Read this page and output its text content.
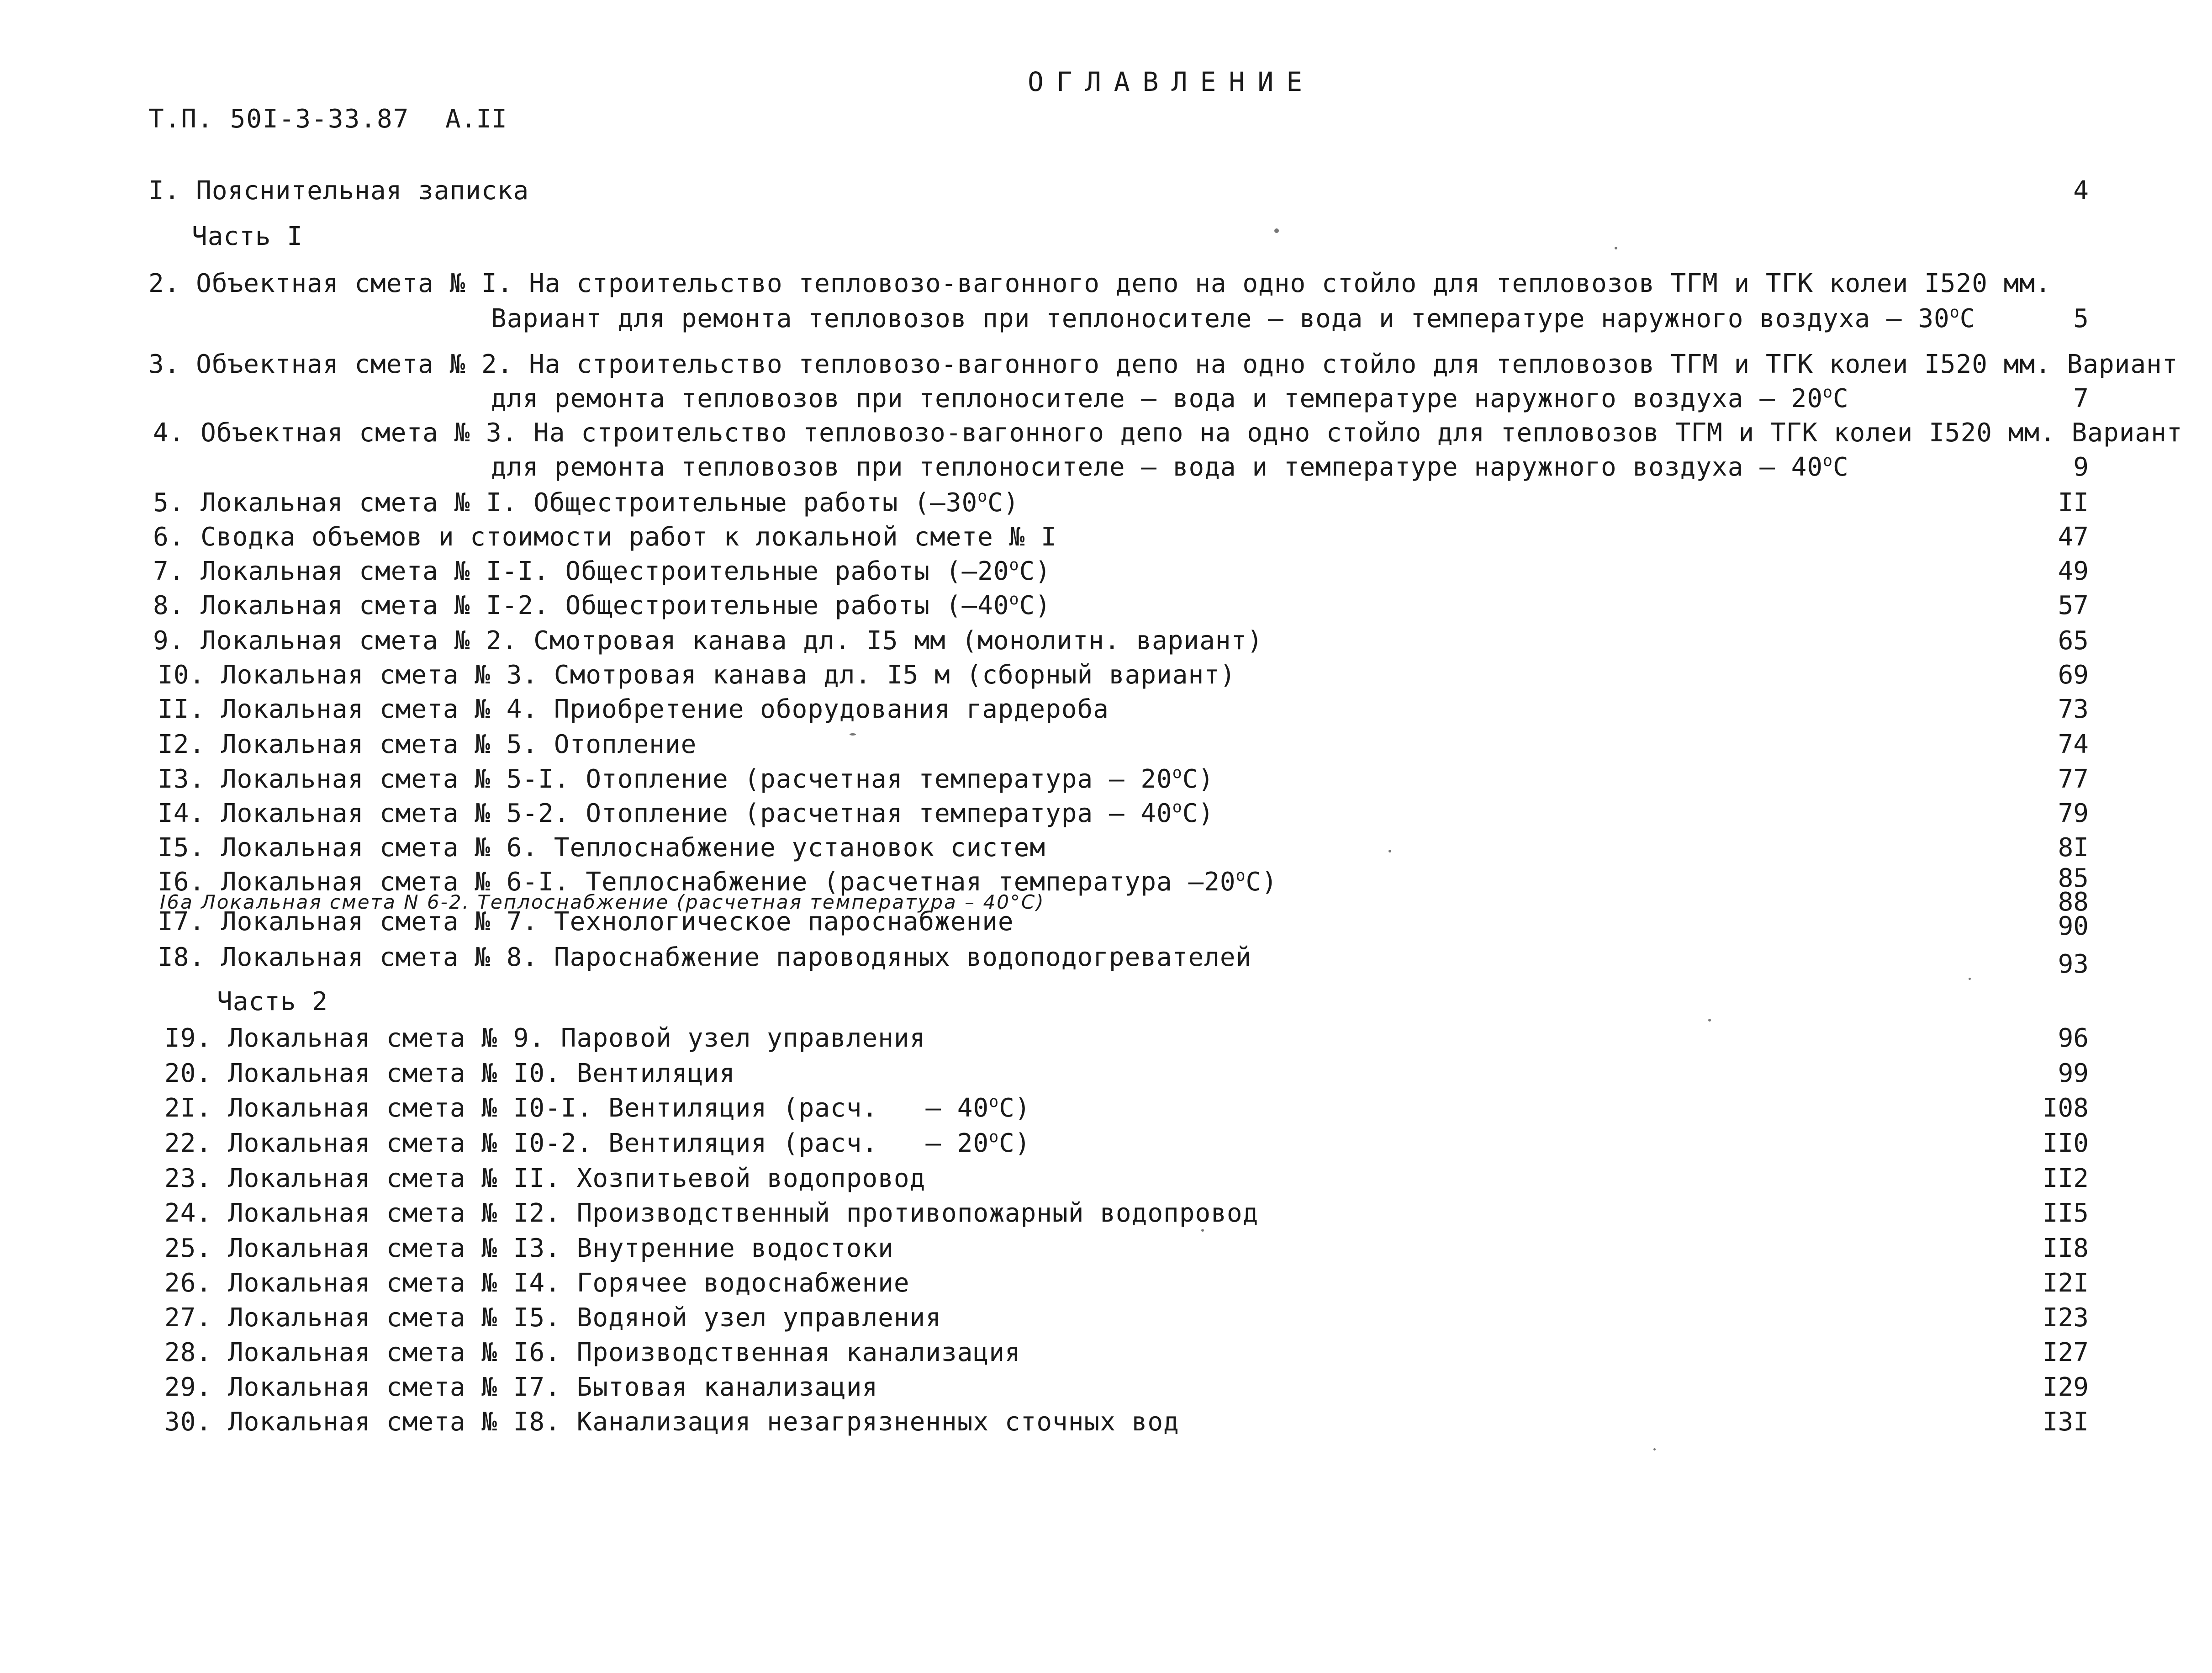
ОГЛАВЛЕНИЕ
Т.П. 50I-3-33.87 А.II
I. Пояснительная записка	4
Часть I
2. Объектная смета № I. На строительство тепловозо-вагонного депо на одно стойло для тепловозов ТГМ и ТГК колеи I520 мм.
Вариант для ремонта тепловозов при теплоносителе – вода и температуре наружного воздуха – 30$^o$C	5
3. Объектная смета № 2. На строительство тепловозо-вагонного депо на одно стойло для тепловозов ТГМ и ТГК колеи I520 мм. Вариант
для ремонта тепловозов при теплоносителе – вода и температуре наружного воздуха – 20$^o$C	7
4. Объектная смета № 3. На строительство тепловозо-вагонного депо на одно стойло для тепловозов ТГМ и ТГК колеи I520 мм. Вариант
для ремонта тепловозов при теплоносителе – вода и температуре наружного воздуха – 40$^o$C	9
5. Локальная смета № I. Общестроительные работы (–30$^o$C)	II
6. Сводка объемов и стоимости работ к локальной смете № I	47
7. Локальная смета № I-I. Общестроительные работы (–20$^o$C)	49
8. Локальная смета № I-2. Общестроительные работы (–40$^o$C)	57
9. Локальная смета № 2. Смотровая канава дл. I5 мм (монолитн. вариант)	65
I0. Локальная смета № 3. Смотровая канава дл. I5 м (сборный вариант)	69
II. Локальная смета № 4. Приобретение оборудования гардероба	73
I2. Локальная смета № 5. Отопление	74
I3. Локальная смета № 5-I. Отопление (расчетная температура – 20$^o$C)	77
I4. Локальная смета № 5-2. Отопление (расчетная температура – 40$^o$C)	79
I5. Локальная смета № 6. Теплоснабжение установок систем	8I
I6. Локальная смета № 6-I. Теплоснабжение (расчетная температура –20$^o$C)	85
I6а Локальная смета N 6-2. Теплоснабжение (расчетная температура – 40°C)	88
I7. Локальная смета № 7. Технологическое пароснабжение	90
I8. Локальная смета № 8. Пароснабжение пароводяных водоподогревателей	93
Часть 2
I9. Локальная смета № 9. Паровой узел управления	96
20. Локальная смета № I0. Вентиляция	99
2I. Локальная смета № I0-I. Вентиляция (расч.   – 40$^o$C)	I08
22. Локальная смета № I0-2. Вентиляция (расч.   – 20$^o$C)	II0
23. Локальная смета № II. Хозпитьевой водопровод	II2
24. Локальная смета № I2. Производственный противопожарный водопровод	II5
25. Локальная смета № I3. Внутренние водостоки	II8
26. Локальная смета № I4. Горячее водоснабжение	I2I
27. Локальная смета № I5. Водяной узел управления	I23
28. Локальная смета № I6. Производственная канализация	I27
29. Локальная смета № I7. Бытовая канализация	I29
30. Локальная смета № I8. Канализация незагрязненных сточных вод	I3I
